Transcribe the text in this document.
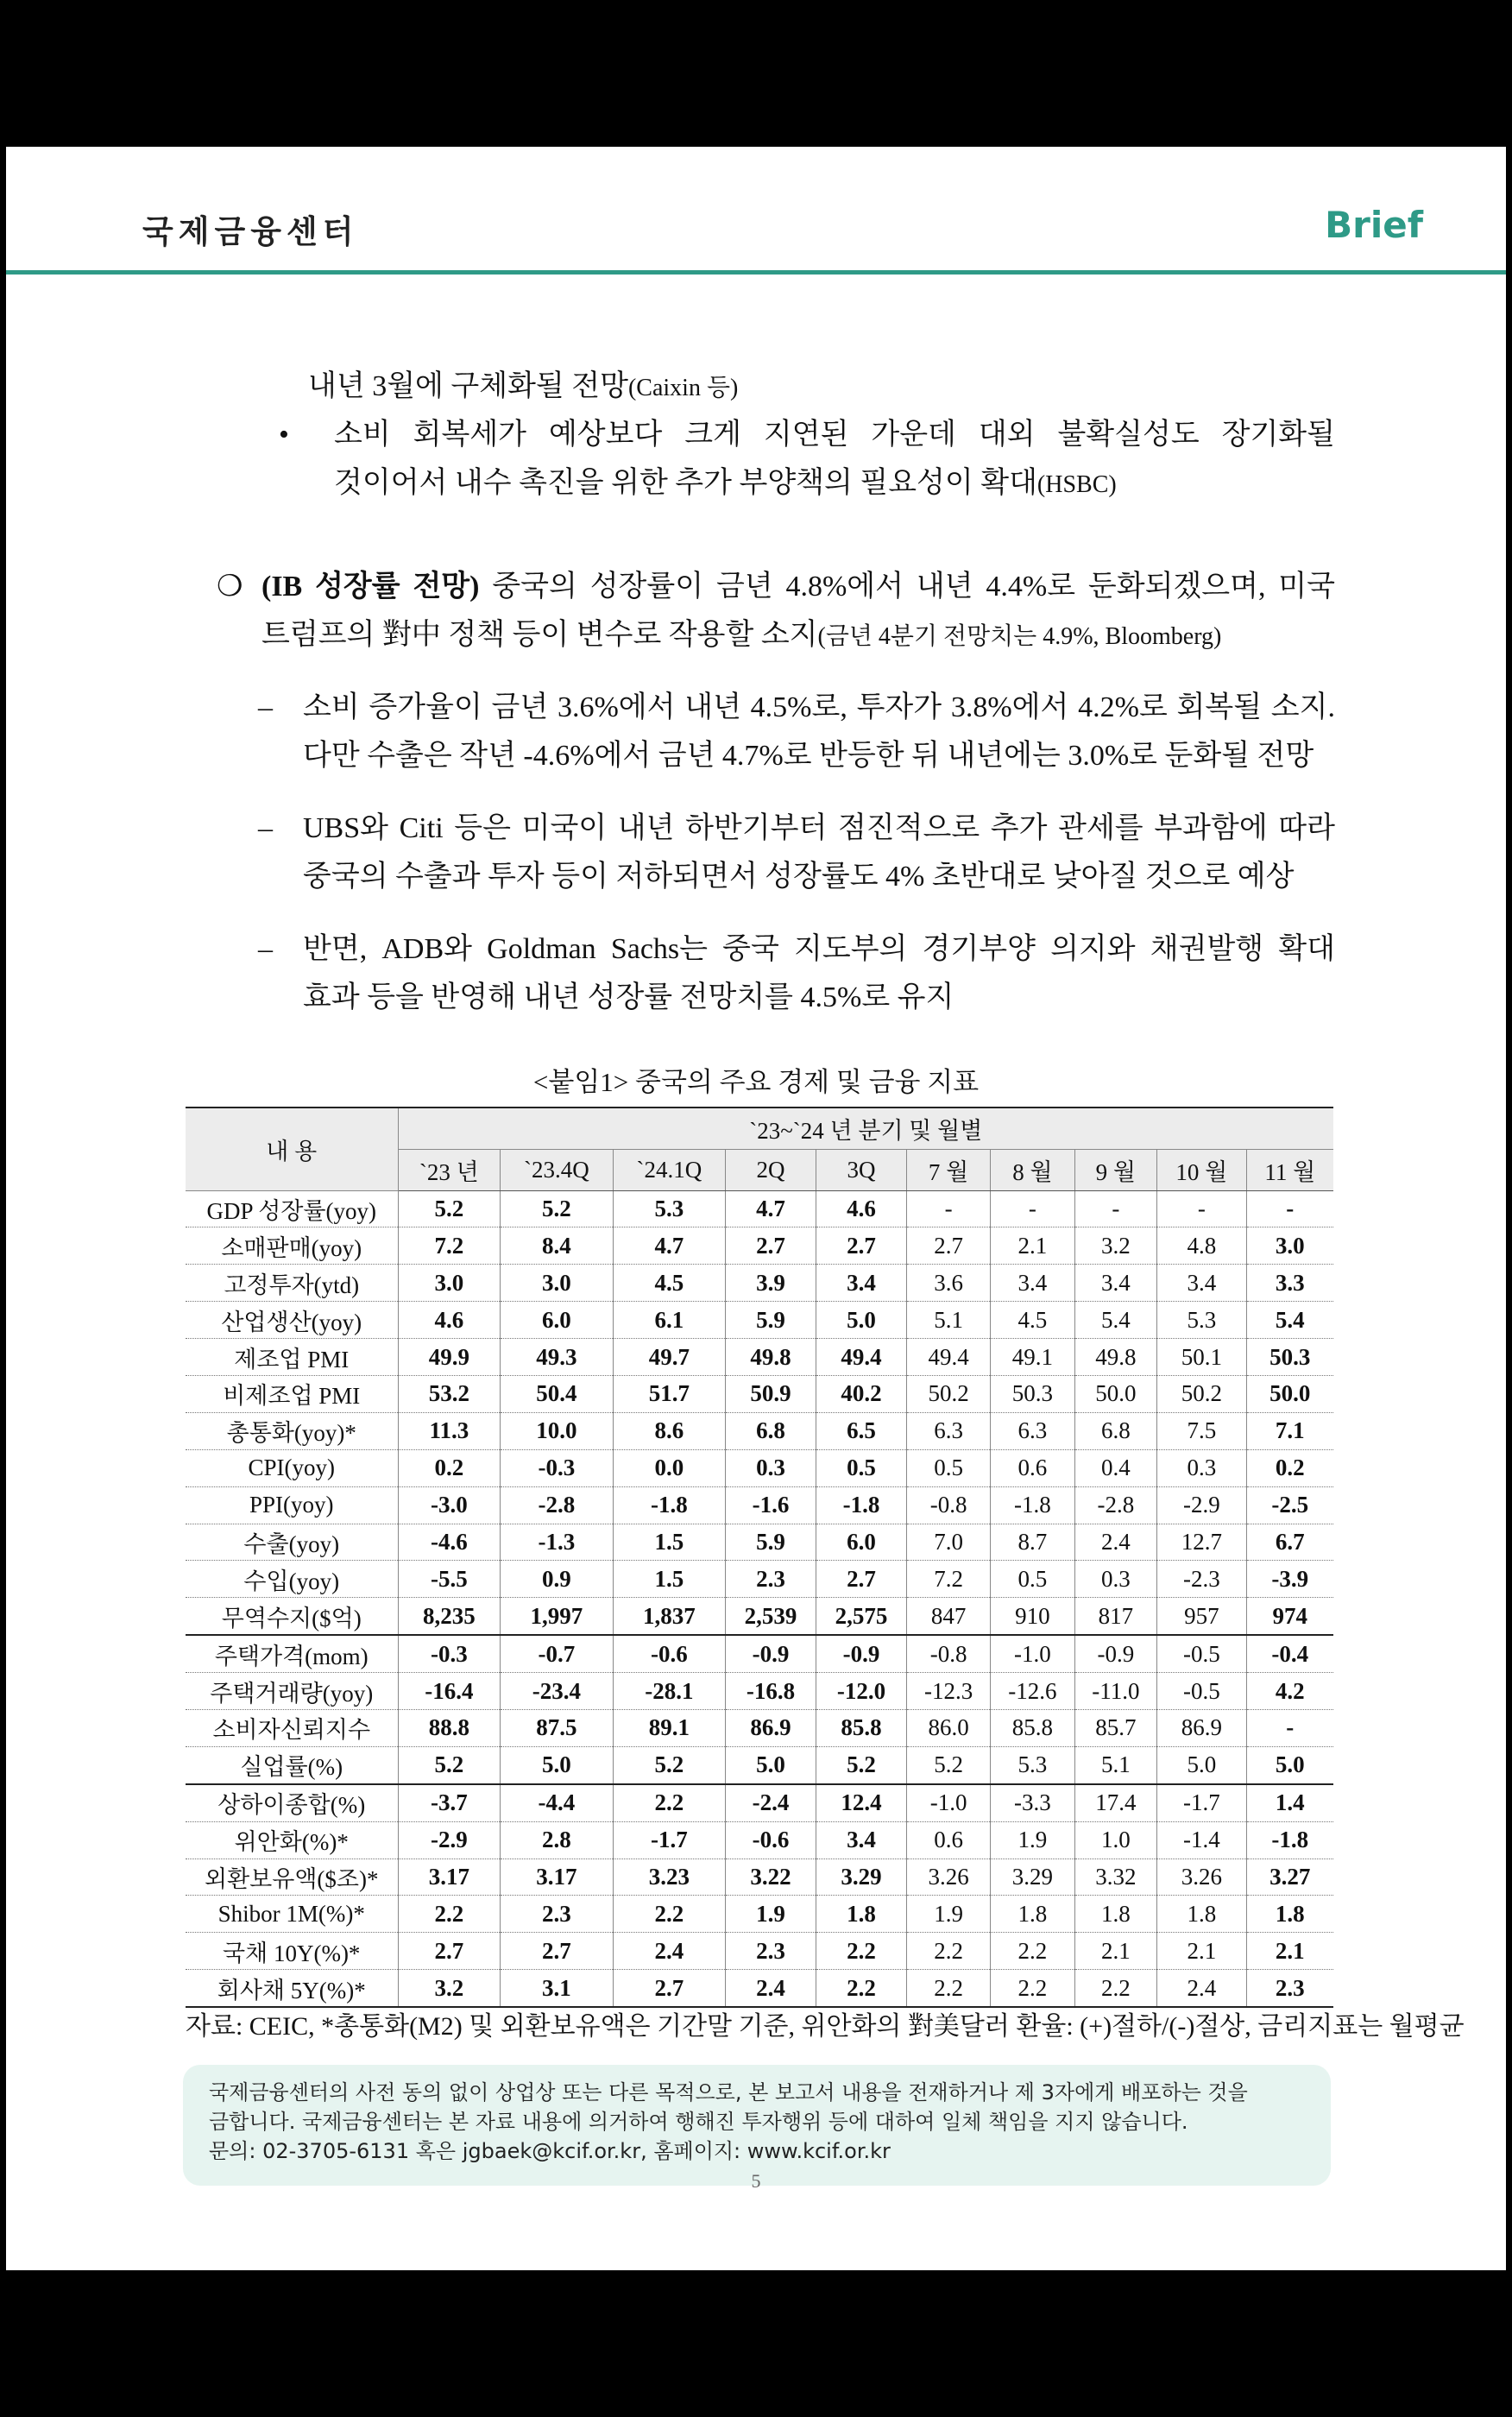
국제금융센터	Brief
내년 3월에 구체화될 전망(Caixin 등)
• 소비 회복세가 예상보다 크게 지연된 가운데 대외 불확실성도 장기화될
것이어서 내수 촉진을 위한 추가 부양책의 필요성이 확대(HSBC)
❍ (IB 성장률 전망) 중국의 성장률이 금년 4.8%에서 내년 4.4%로 둔화되겠으며, 미국
트럼프의 對中 정책 등이 변수로 작용할 소지(금년 4분기 전망치는 4.9%, Bloomberg)
– 소비 증가율이 금년 3.6%에서 내년 4.5%로, 투자가 3.8%에서 4.2%로 회복될 소지.
다만 수출은 작년 -4.6%에서 금년 4.7%로 반등한 뒤 내년에는 3.0%로 둔화될 전망
– UBS와 Citi 등은 미국이 내년 하반기부터 점진적으로 추가 관세를 부과함에 따라
중국의 수출과 투자 등이 저하되면서 성장률도 4% 초반대로 낮아질 것으로 예상
– 반면, ADB와 Goldman Sachs는 중국 지도부의 경기부양 의지와 채권발행 확대
효과 등을 반영해 내년 성장률 전망치를 4.5%로 유지
<붙임1> 중국의 주요 경제 및 금융 지표
내 용	`23~`24 년 분기 및 월별									
	`23 년	`23.4Q	`24.1Q	2Q	3Q	7 월	8 월	9 월	10 월	11 월
GDP 성장률(yoy)	5.2	5.2	5.3	4.7	4.6	-	-	-	-	-
소매판매(yoy)	7.2	8.4	4.7	2.7	2.7	2.7	2.1	3.2	4.8	3.0
고정투자(ytd)	3.0	3.0	4.5	3.9	3.4	3.6	3.4	3.4	3.4	3.3
산업생산(yoy)	4.6	6.0	6.1	5.9	5.0	5.1	4.5	5.4	5.3	5.4
제조업 PMI	49.9	49.3	49.7	49.8	49.4	49.4	49.1	49.8	50.1	50.3
비제조업 PMI	53.2	50.4	51.7	50.9	40.2	50.2	50.3	50.0	50.2	50.0
총통화(yoy)*	11.3	10.0	8.6	6.8	6.5	6.3	6.3	6.8	7.5	7.1
CPI(yoy)	0.2	-0.3	0.0	0.3	0.5	0.5	0.6	0.4	0.3	0.2
PPI(yoy)	-3.0	-2.8	-1.8	-1.6	-1.8	-0.8	-1.8	-2.8	-2.9	-2.5
수출(yoy)	-4.6	-1.3	1.5	5.9	6.0	7.0	8.7	2.4	12.7	6.7
수입(yoy)	-5.5	0.9	1.5	2.3	2.7	7.2	0.5	0.3	-2.3	-3.9
무역수지($억)	8,235	1,997	1,837	2,539	2,575	847	910	817	957	974
주택가격(mom)	-0.3	-0.7	-0.6	-0.9	-0.9	-0.8	-1.0	-0.9	-0.5	-0.4
주택거래량(yoy)	-16.4	-23.4	-28.1	-16.8	-12.0	-12.3	-12.6	-11.0	-0.5	4.2
소비자신뢰지수	88.8	87.5	89.1	86.9	85.8	86.0	85.8	85.7	86.9	-
실업률(%)	5.2	5.0	5.2	5.0	5.2	5.2	5.3	5.1	5.0	5.0
상하이종합(%)	-3.7	-4.4	2.2	-2.4	12.4	-1.0	-3.3	17.4	-1.7	1.4
위안화(%)*	-2.9	2.8	-1.7	-0.6	3.4	0.6	1.9	1.0	-1.4	-1.8
외환보유액($조)*	3.17	3.17	3.23	3.22	3.29	3.26	3.29	3.32	3.26	3.27
Shibor 1M(%)*	2.2	2.3	2.2	1.9	1.8	1.9	1.8	1.8	1.8	1.8
국채 10Y(%)*	2.7	2.7	2.4	2.3	2.2	2.2	2.2	2.1	2.1	2.1
회사채 5Y(%)*	3.2	3.1	2.7	2.4	2.2	2.2	2.2	2.2	2.4	2.3
자료: CEIC, *총통화(M2) 및 외환보유액은 기간말 기준, 위안화의 對美달러 환율: (+)절하/(-)절상, 금리지표는 월평균

국제금융센터의 사전 동의 없이 상업상 또는 다른 목적으로, 본 보고서 내용을 전재하거나 제 3자에게 배포하는 것을

금합니다. 국제금융센터는 본 자료 내용에 의거하여 행해진 투자행위 등에 대하여 일체 책임을 지지 않습니다.

문의: 02-3705-6131 혹은 jgbaek@kcif.or.kr, 홈페이지: www.kcif.or.kr

5
